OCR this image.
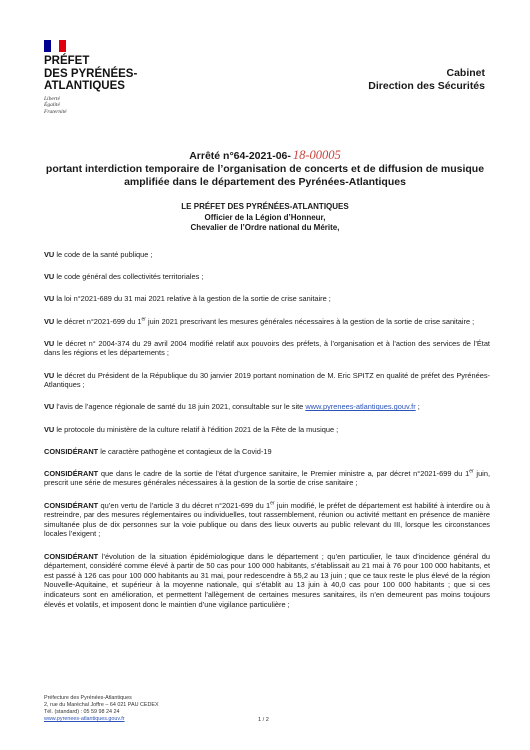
PRÉFET
DES PYRÉNÉES-
ATLANTIQUES
Liberté
Égalité
Fraternité
Cabinet
Direction des Sécurités
Arrêté n°64-2021-06- 18-00005
portant interdiction temporaire de l’organisation de concerts et de diffusion de musique amplifiée dans le département des Pyrénées-Atlantiques
LE PRÉFET DES PYRÉNÉES-ATLANTIQUES
Officier de la Légion d’Honneur,
Chevalier de l’Ordre national du Mérite,

VU le code de la santé publique ;

VU le code général des collectivités territoriales ;

VU la loi n°2021-689 du 31 mai 2021 relative à la gestion de la sortie de crise sanitaire ;

VU le décret n°2021-699 du 1er juin 2021 prescrivant les mesures générales nécessaires à la gestion de la sortie de crise sanitaire ;

VU le décret n° 2004-374 du 29 avril 2004 modifié relatif aux pouvoirs des préfets, à l’organisation et à l’action des services de l’État dans les régions et les départements ;

VU le décret du Président de la République du 30 janvier 2019 portant nomination de M. Eric SPITZ en qualité de préfet des Pyrénées-Atlantiques ;

VU l’avis de l’agence régionale de santé du 18 juin 2021, consultable sur le site www.pyrenees-atlantiques.gouv.fr ;

VU le protocole du ministère de la culture relatif à l’édition 2021 de la Fête de la musique ;

CONSIDÉRANT le caractère pathogène et contagieux de la Covid-19

CONSIDÉRANT que dans le cadre de la sortie de l’état d’urgence sanitaire, le Premier ministre a, par décret n°2021-699 du 1er juin, prescrit une série de mesures générales nécessaires à la gestion de la sortie de crise sanitaire ;

CONSIDÉRANT qu’en vertu de l’article 3 du décret n°2021-699 du 1er juin modifié, le préfet de département est habilité à interdire ou à restreindre, par des mesures réglementaires ou individuelles, tout rassemblement, réunion ou activité mettant en présence de manière simultanée plus de dix personnes sur la voie publique ou dans des lieux ouverts au public relevant du III, lorsque les circonstances locales l’exigent ;

CONSIDÉRANT l’évolution de la situation épidémiologique dans le département ; qu’en particulier, le taux d’incidence général du département, considéré comme élevé à partir de 50 cas pour 100 000 habitants, s’établissait au 21 mai à 76 pour 100 000 habitants, et est passé à 126 cas pour 100 000 habitants au 31 mai, pour redescendre à 55,2 au 13 juin ; que ce taux reste le plus élevé de la région Nouvelle-Aquitaine, et supérieur à la moyenne nationale, qui s’établit au 13 juin à 40,0 cas pour 100 000 habitants ; que si ces indicateurs sont en amélioration, et permettent l’allègement de certaines mesures sanitaires, ils n’en demeurent pas moins toujours élevés et volatils, et imposent donc le maintien d’une vigilance particulière ;

Préfecture des Pyrénées-Atlantiques
2, rue du Maréchal Joffre – 64 021 PAU CEDEX
Tél. (standard) : 05 59 98 24 24
www.pyrenees-atlantiques.gouv.fr	1 / 2
